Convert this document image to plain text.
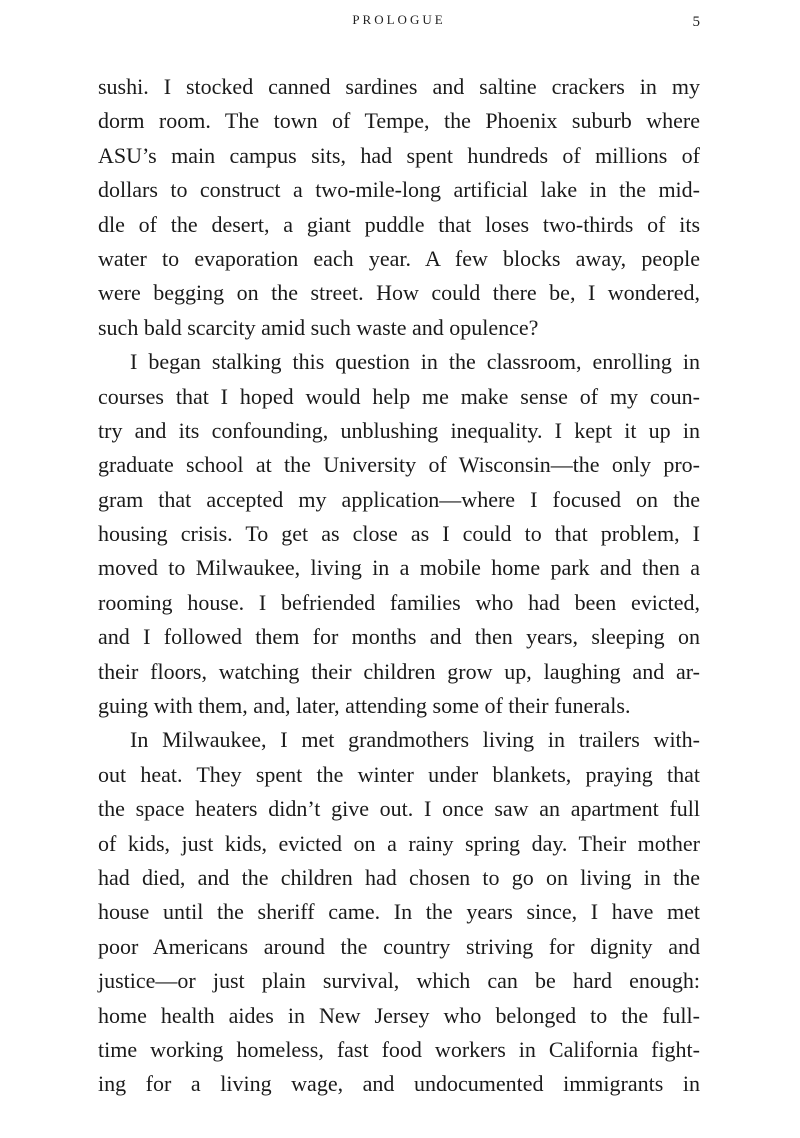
PROLOGUE	5
sushi. I stocked canned sardines and saltine crackers in my
dorm room. The town of Tempe, the Phoenix suburb where
ASU’s main campus sits, had spent hundreds of millions of
dollars to construct a two-mile-long artificial lake in the mid-
dle of the desert, a giant puddle that loses two-thirds of its
water to evaporation each year. A few blocks away, people
were begging on the street. How could there be, I wondered,
such bald scarcity amid such waste and opulence?
I began stalking this question in the classroom, enrolling in
courses that I hoped would help me make sense of my coun-
try and its confounding, unblushing inequality. I kept it up in
graduate school at the University of Wisconsin—the only pro-
gram that accepted my application—where I focused on the
housing crisis. To get as close as I could to that problem, I
moved to Milwaukee, living in a mobile home park and then a
rooming house. I befriended families who had been evicted,
and I followed them for months and then years, sleeping on
their floors, watching their children grow up, laughing and ar-
guing with them, and, later, attending some of their funerals.
In Milwaukee, I met grandmothers living in trailers with-
out heat. They spent the winter under blankets, praying that
the space heaters didn’t give out. I once saw an apartment full
of kids, just kids, evicted on a rainy spring day. Their mother
had died, and the children had chosen to go on living in the
house until the sheriff came. In the years since, I have met
poor Americans around the country striving for dignity and
justice—or just plain survival, which can be hard enough:
home health aides in New Jersey who belonged to the full-
time working homeless, fast food workers in California fight-
ing for a living wage, and undocumented immigrants in
